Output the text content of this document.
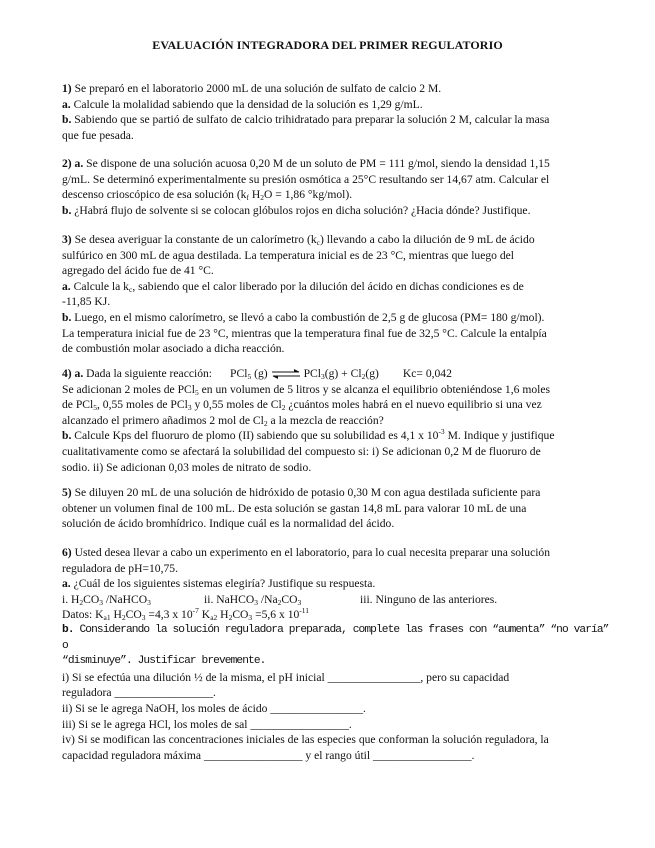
EVALUACIÓN INTEGRADORA DEL PRIMER REGULATORIO

1) Se preparó en el laboratorio 2000 mL de una solución de sulfato de calcio 2 M.

a. Calcule la molalidad sabiendo que la densidad de la solución es 1,29 g/mL.

b. Sabiendo que se partió de sulfato de calcio trihidratado para preparar la solución 2 M, calcular la masa

que fue pesada.

2) a. Se dispone de una solución acuosa 0,20 M de un soluto de PM = 111 g/mol, siendo la densidad 1,15

g/mL. Se determinó experimentalmente su presión osmótica a 25°C resultando ser 14,67 atm. Calcular el

descenso crioscópico de esa solución ($k_f$ $H_2O = 1,86$ °kg/mol).

b. ¿Habrá flujo de solvente si se colocan glóbulos rojos en dicha solución? ¿Hacia dónde? Justifique.

3) Se desea averiguar la constante de un calorímetro $(k_c)$ llevando a cabo la dilución de 9 mL de ácido

sulfúrico en 300 mL de agua destilada. La temperatura inicial es de 23 °C, mientras que luego del

agregado del ácido fue de 41 °C.

a. Calcule la $k_c$, sabiendo que el calor liberado por la dilución del ácido en dichas condiciones es de

-11,85 KJ.

b. Luego, en el mismo calorímetro, se llevó a cabo la combustión de 2,5 g de glucosa (PM= 180 g/mol).

La temperatura inicial fue de 23 °C, mientras que la temperatura final fue de 32,5 °C. Calcule la entalpía

de combustión molar asociado a dicha reacción.

4) a. Dada la siguiente reacción: PCl$_5$ (g) ⇌ $PCl_3(g) + Cl_2(g)$ Kc= 0,042

Se adicionan 2 moles de PCl$_5$ en un volumen de 5 litros y se alcanza el equilibrio obteniéndose 1,6 moles

de PCl$_5$, 0,55 moles de PCl$_3$ y 0,55 moles de $Cl_2$ ¿cuántos moles habrá en el nuevo equilibrio si una vez

alcanzado el primero añadimos 2 mol de $Cl_2$ a la mezcla de reacción?

b. Calcule Kps del fluoruro de plomo (II) sabiendo que su solubilidad es 4,1 x $10^{-3}$ M. Indique y justifique

cualitativamente como se afectará la solubilidad del compuesto si: i) Se adicionan 0,2 M de fluoruro de

sodio. ii) Se adicionan 0,03 moles de nitrato de sodio.

5) Se diluyen 20 mL de una solución de hidróxido de potasio 0,30 M con agua destilada suficiente para

obtener un volumen final de 100 mL. De esta solución se gastan 14,8 mL para valorar 10 mL de una

solución de ácido bromhídrico. Indique cuál es la normalidad del ácido.

6) Usted desea llevar a cabo un experimento en el laboratorio, para lo cual necesita preparar una solución

reguladora de pH=10,75.

a. ¿Cuál de los siguientes sistemas elegiría? Justifique su respuesta.

i. $H_2CO_3$ /NaHCO$_3$	ii. NaHCO$_3$ $/Na_2CO_3$	iii. Ninguno de las anteriores.

Datos: $K_{a1}$ $H_2CO_3 =4,3$ x $10^{-7}$ $K_{a2}$ $H_2CO_3 =5,6$ x $10^{-11}$

b. Considerando la solución reguladora preparada, complete las frases con “aumenta” “no varía” o

“disminuye”. Justificar brevemente.

i) Si se efectúa una dilución ½ de la misma, el pH inicial ________________, pero su capacidad

reguladora _________________.

ii) Si se le agrega NaOH, los moles de ácido ________________.

iii) Si se le agrega HCl, los moles de sal _________________.

iv) Si se modifican las concentraciones iniciales de las especies que conforman la solución reguladora, la

capacidad reguladora máxima _________________ y el rango útil _________________.
